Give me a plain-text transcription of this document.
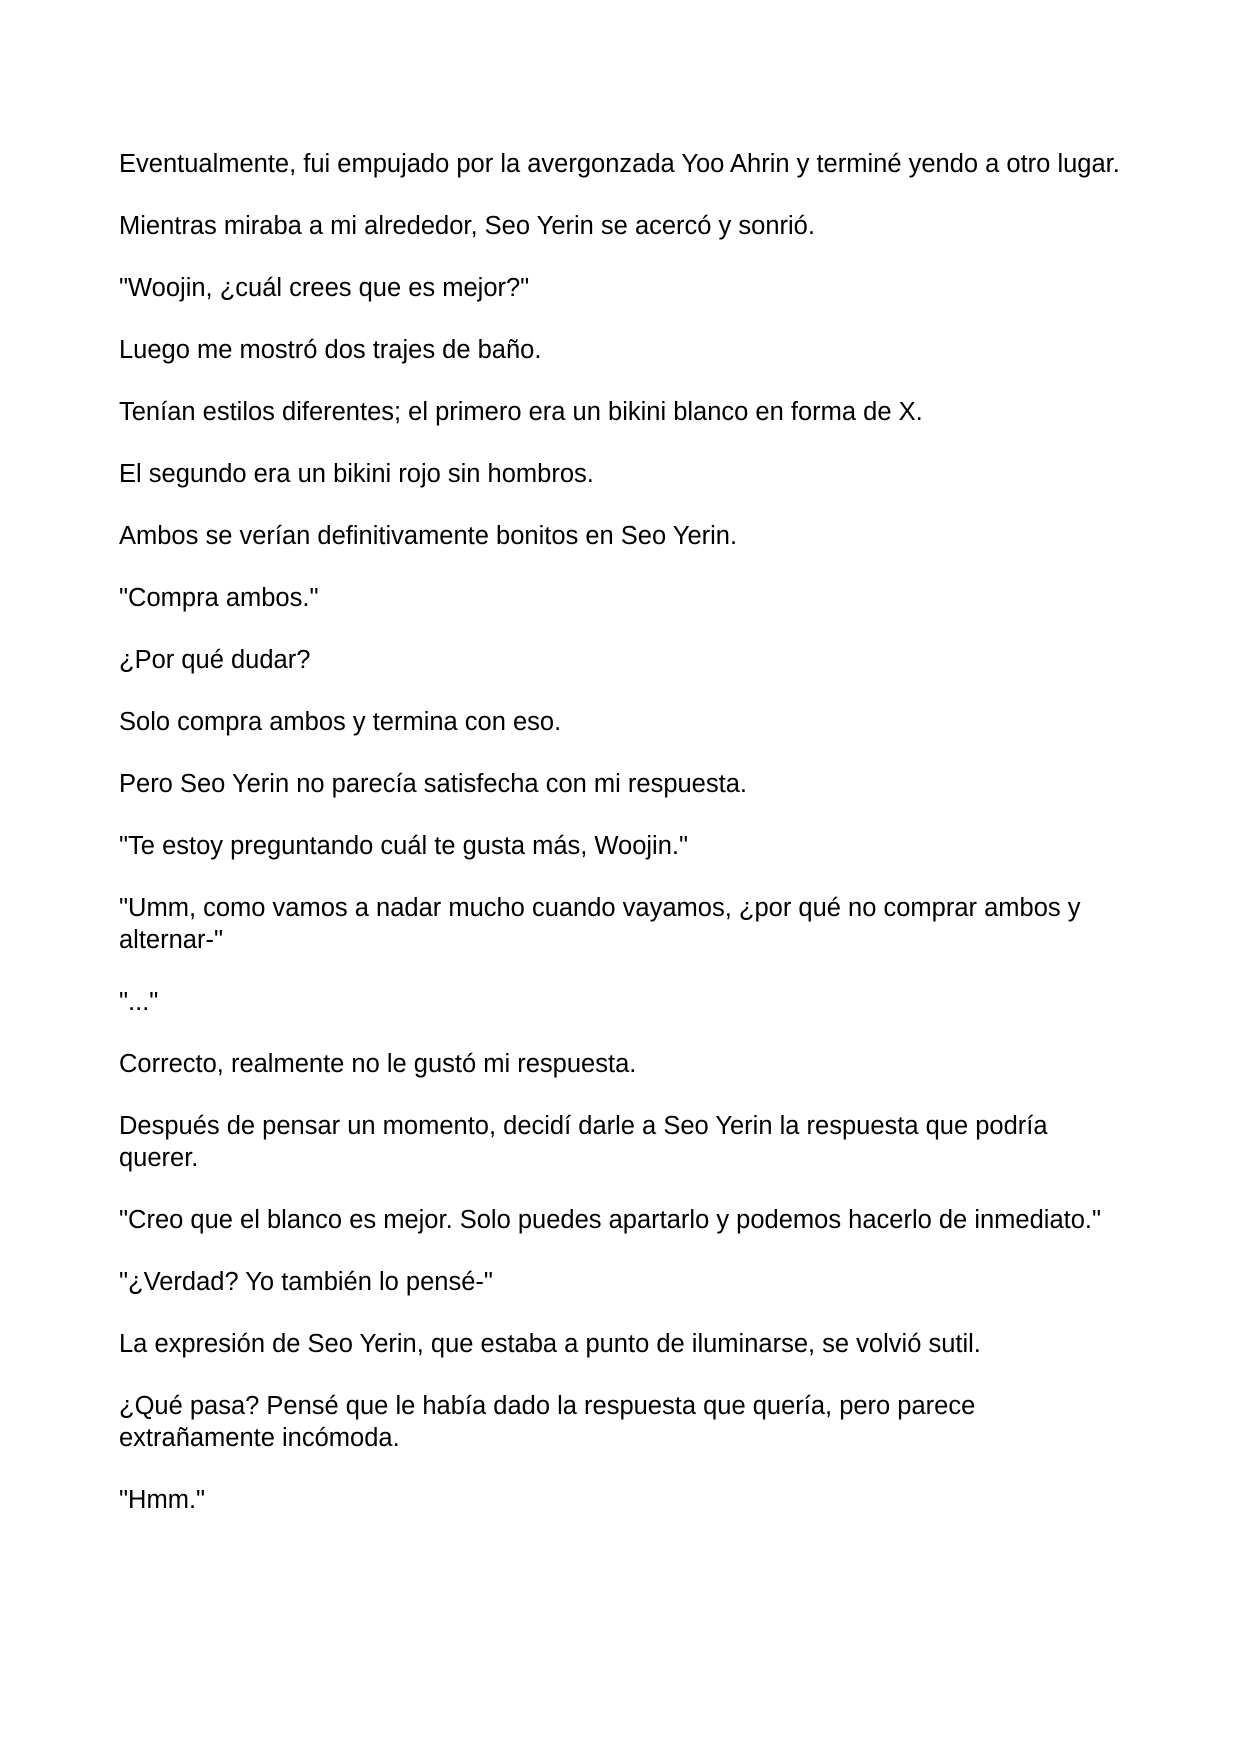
Eventualmente, fui empujado por la avergonzada Yoo Ahrin y terminé yendo a otro lugar.

Mientras miraba a mi alrededor, Seo Yerin se acercó y sonrió.

"Woojin, ¿cuál crees que es mejor?"

Luego me mostró dos trajes de baño.

Tenían estilos diferentes; el primero era un bikini blanco en forma de X.

El segundo era un bikini rojo sin hombros.

Ambos se verían definitivamente bonitos en Seo Yerin.

"Compra ambos."

¿Por qué dudar?

Solo compra ambos y termina con eso.

Pero Seo Yerin no parecía satisfecha con mi respuesta.

"Te estoy preguntando cuál te gusta más, Woojin."

"Umm, como vamos a nadar mucho cuando vayamos, ¿por qué no comprar ambos y alternar-"

"..."

Correcto, realmente no le gustó mi respuesta.

Después de pensar un momento, decidí darle a Seo Yerin la respuesta que podría querer.

"Creo que el blanco es mejor. Solo puedes apartarlo y podemos hacerlo de inmediato."

"¿Verdad? Yo también lo pensé-"

La expresión de Seo Yerin, que estaba a punto de iluminarse, se volvió sutil.

¿Qué pasa? Pensé que le había dado la respuesta que quería, pero parece extrañamente incómoda.

"Hmm."
